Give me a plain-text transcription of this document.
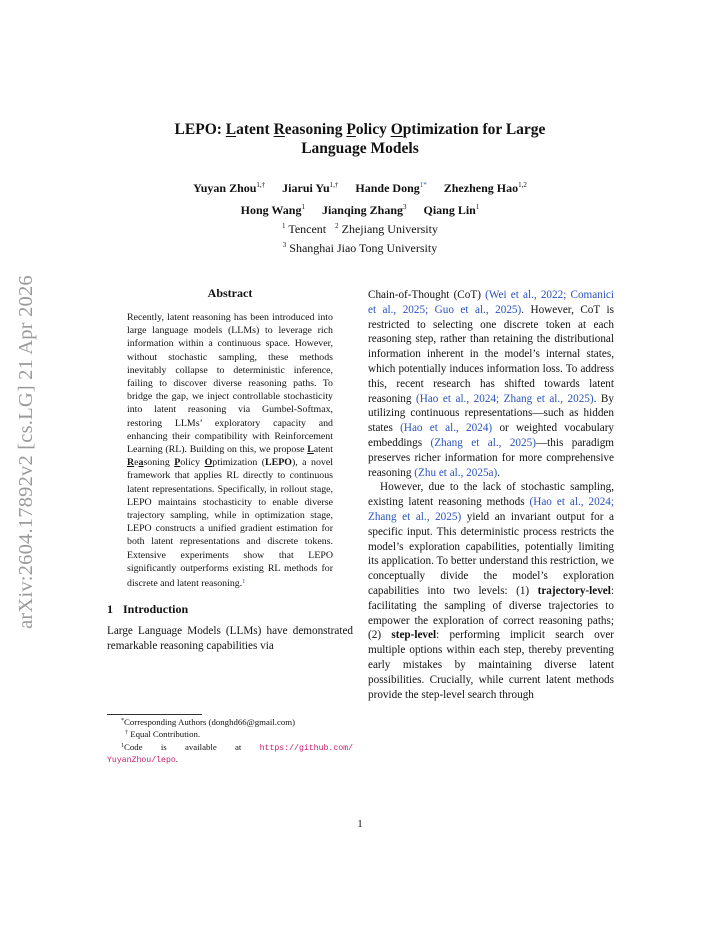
arXiv:2604.17892v2 [cs.LG] 21 Apr 2026
LEPO: Latent Reasoning Policy Optimization for Large
Language Models
Yuyan Zhou$^{1,\dagger}$ Jiarui $Yu^{1,\dagger}$ Hande Dong$^{1*}$ Zhezheng Hao$^{1,2}$
Hong Wang$^1$ Jianqing Zhang$^3$ Qiang Lin$^1$
$^1$ Tencent $^2$ Zhejiang University
$^3$ Shanghai Jiao Tong University
Abstract
Recently, latent reasoning has been introduced into large language models (LLMs) to leverage rich information within a continuous space. However, without stochastic sampling, these methods inevitably collapse to deterministic inference, failing to discover diverse reasoning paths. To bridge the gap, we inject controllable stochasticity into latent reasoning via Gumbel-Softmax, restoring LLMs’ exploratory capacity and enhancing their compatibility with Reinforcement Learning (RL). Building on this, we propose Latent Reasoning Policy Optimization (LEPO), a novel framework that applies RL directly to continuous latent representations. Specifically, in rollout stage, LEPO maintains stochasticity to enable diverse trajectory sampling, while in optimization stage, LEPO constructs a unified gradient estimation for both latent representations and discrete tokens. Extensive experiments show that LEPO significantly outperforms existing RL methods for discrete and latent reasoning.$^1$
1 Introduction
Large Language Models (LLMs) have demonstrated remarkable reasoning capabilities via
*Corresponding Authors (donghd66@gmail.com)
† Equal Contribution.
$^1$Code is available at https://github.com/
YuyanZhou/lepo.

Chain-of-Thought (CoT) (Wei et al., 2022; Comanici et al., 2025; Guo et al., 2025). However, CoT is restricted to selecting one discrete token at each reasoning step, rather than retaining the distributional information inherent in the model’s internal states, which potentially induces information loss. To address this, recent research has shifted towards latent reasoning (Hao et al., 2024; Zhang et al., 2025). By utilizing continuous representations—such as hidden states (Hao et al., 2024) or weighted vocabulary embeddings (Zhang et al., 2025)—this paradigm preserves richer information for more comprehensive reasoning (Zhu et al., 2025a).

However, due to the lack of stochastic sampling, existing latent reasoning methods (Hao et al., 2024; Zhang et al., 2025) yield an invariant output for a specific input. This deterministic process restricts the model’s exploration capabilities, potentially limiting its application. To better understand this restriction, we conceptually divide the model’s exploration capabilities into two levels: (1) trajectory-level: facilitating the sampling of diverse trajectories to empower the exploration of correct reasoning paths; (2) step-level: performing implicit search over multiple options within each step, thereby preventing early mistakes by maintaining diverse latent possibilities. Crucially, while current latent methods provide the step-level search through

1
